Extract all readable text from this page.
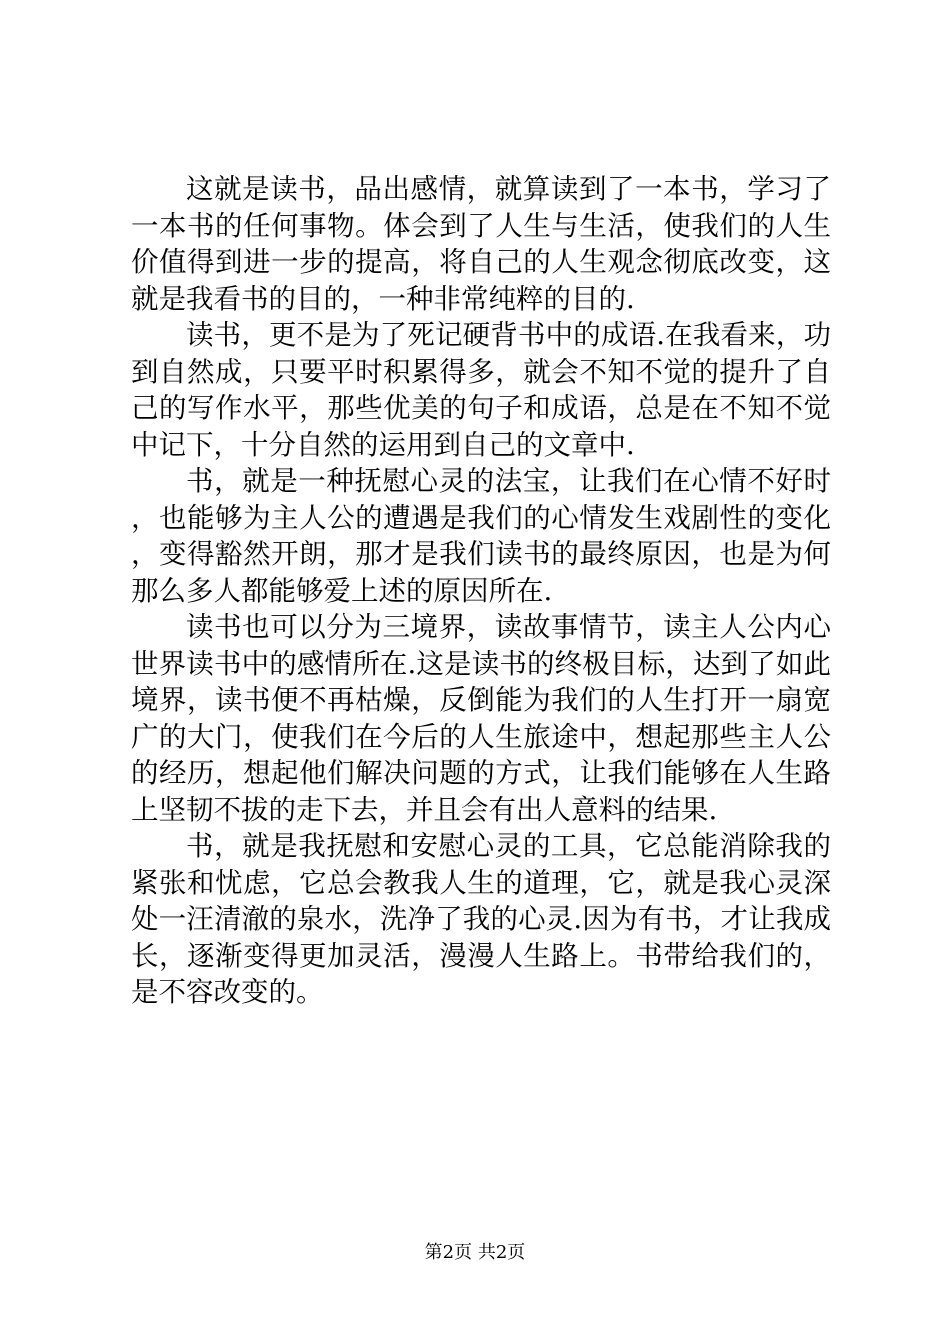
这就是读书，品出感情，就算读到了一本书，学习了一本书的任何事物。体会到了人生与生活，使我们的人生价值得到进一步的提高，将自己的人生观念彻底改变，这就是我看书的目的，一种非常纯粹的目的.

读书，更不是为了死记硬背书中的成语.在我看来，功到自然成，只要平时积累得多，就会不知不觉的提升了自己的写作水平，那些优美的句子和成语，总是在不知不觉中记下，十分自然的运用到自己的文章中.

书，就是一种抚慰心灵的法宝，让我们在心情不好时，也能够为主人公的遭遇是我们的心情发生戏剧性的变化，变得豁然开朗，那才是我们读书的最终原因，也是为何那么多人都能够爱上述的原因所在.

读书也可以分为三境界，读故事情节，读主人公内心世界读书中的感情所在.这是读书的终极目标，达到了如此境界，读书便不再枯燥，反倒能为我们的人生打开一扇宽广的大门，使我们在今后的人生旅途中，想起那些主人公的经历，想起他们解决问题的方式，让我们能够在人生路上坚韧不拔的走下去，并且会有出人意料的结果.

书，就是我抚慰和安慰心灵的工具，它总能消除我的紧张和忧虑，它总会教我人生的道理，它，就是我心灵深处一汪清澈的泉水，洗净了我的心灵.因为有书，才让我成长，逐渐变得更加灵活，漫漫人生路上。书带给我们的，是不容改变的。

第2页 共2页
